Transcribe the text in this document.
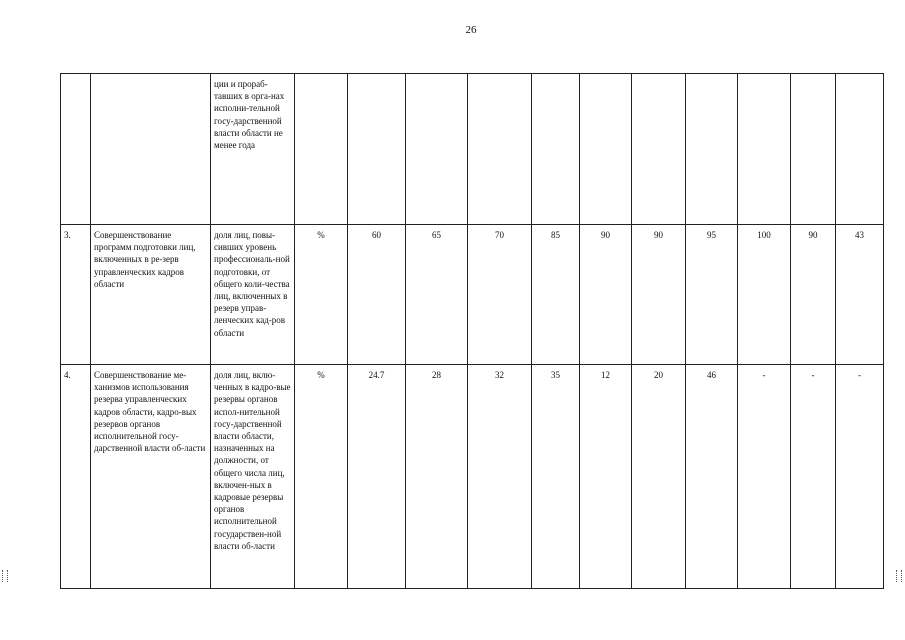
26
		ции и прораб-тавших в орга-нах исполни-тельной госу-дарственной власти области не менее года											
3.	Совершенствование программ подготовки лиц, включенных в ре-зерв управленческих кадров области	доля лиц, повы-сивших уровень профессиональ-ной подготовки, от общего коли-чества лиц, включенных в резерв управ-ленческих кад-ров области	%	60	65	70	85	90	90	95	100	90	43
4.	Совершенствование ме-ханизмов использования резерва управленческих кадров области, кадро-вых резервов органов исполнительной госу-дарственной власти об-ласти	доля лиц, вклю-ченных в кадро-вые резервы органов испол-нительной госу-дарственной власти области, назначенных на должности, от общего числа лиц, включен-ных в кадровые резервы органов исполнительной государствен-ной власти об-ласти	%	24.7	28	32	35	12	20	46	-	-	-
